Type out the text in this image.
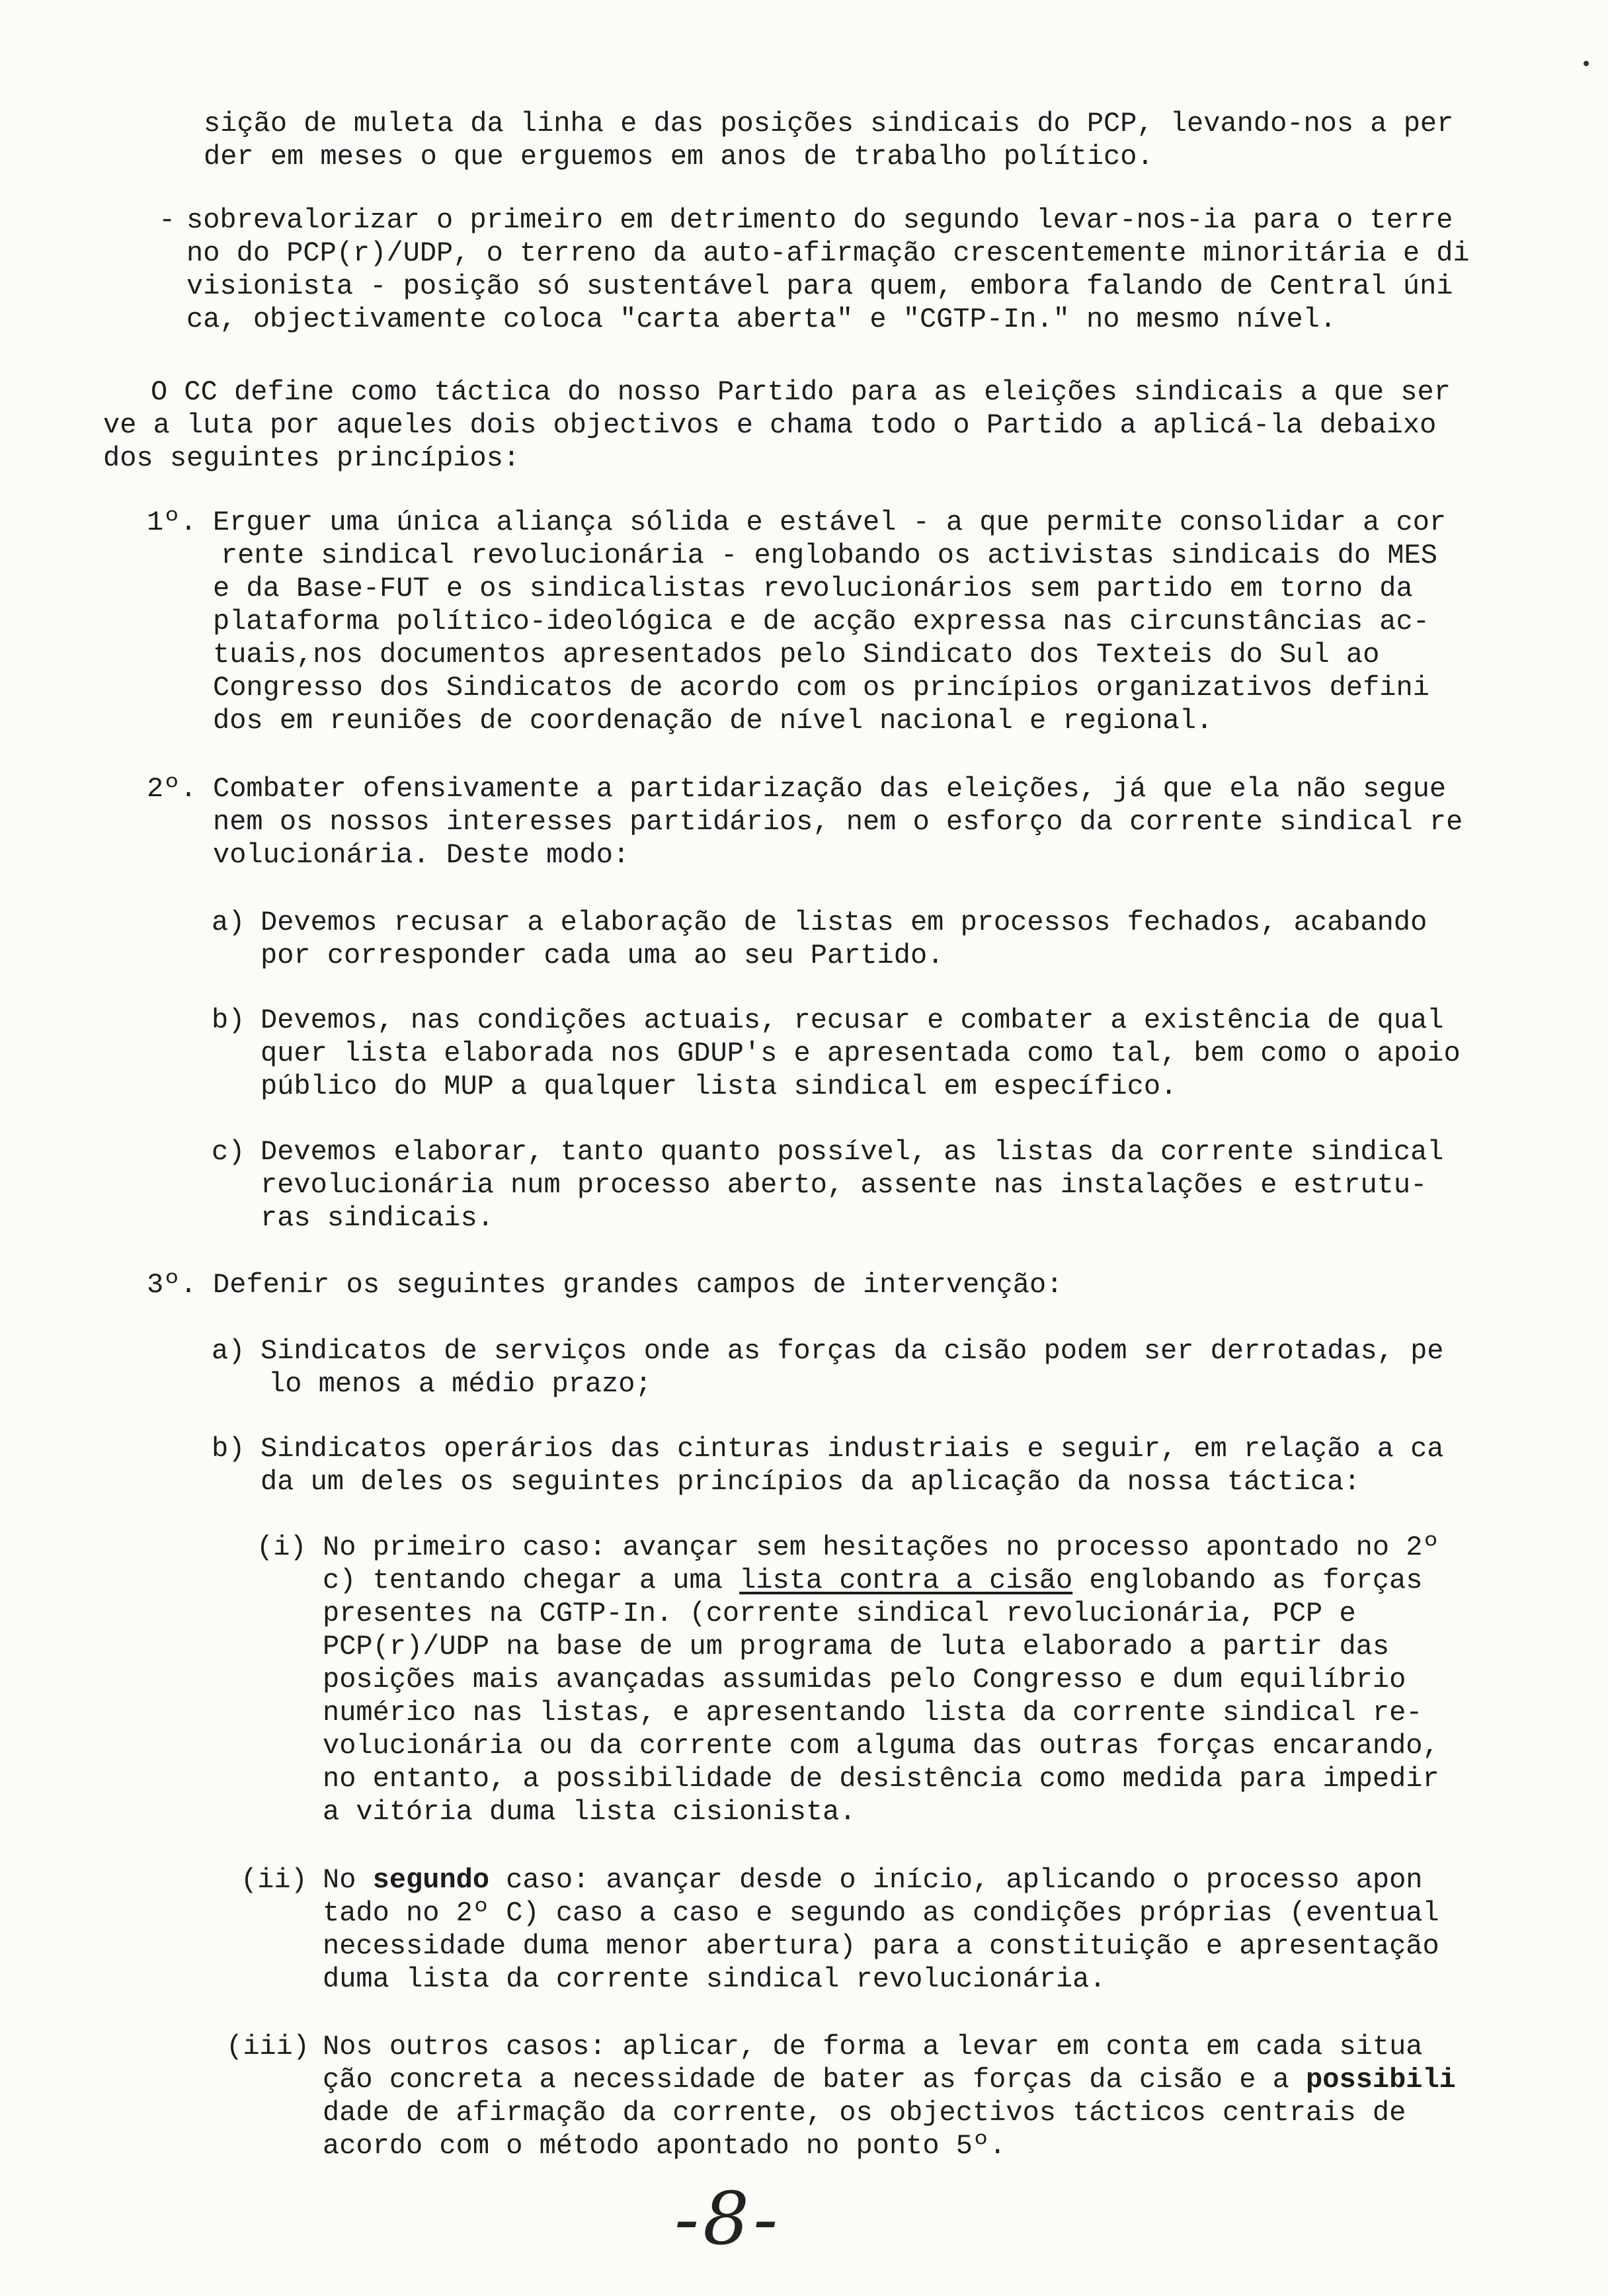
sição de muleta da linha e das posições sindicais do PCP, levando-nos a per
der em meses o que erguemos em anos de trabalho político.
- sobrevalorizar o primeiro em detrimento do segundo levar-nos-ia para o terre
no do PCP(r)/UDP, o terreno da auto-afirmação crescentemente minoritária e di
visionista - posição só sustentável para quem, embora falando de Central úni
ca, objectivamente coloca "carta aberta" e "CGTP-In." no mesmo nível.
O CC define como táctica do nosso Partido para as eleições sindicais a que ser
ve a luta por aqueles dois objectivos e chama todo o Partido a aplicá-la debaixo
dos seguintes princípios:
1º. Erguer uma única aliança sólida e estável - a que permite consolidar a cor
rente sindical revolucionária - englobando os activistas sindicais do MES
e da Base-FUT e os sindicalistas revolucionários sem partido em torno da
plataforma político-ideológica e de acção expressa nas circunstâncias ac-
tuais,nos documentos apresentados pelo Sindicato dos Texteis do Sul ao
Congresso dos Sindicatos de acordo com os princípios organizativos defini
dos em reuniões de coordenação de nível nacional e regional.
2º. Combater ofensivamente a partidarização das eleições, já que ela não segue
nem os nossos interesses partidários, nem o esforço da corrente sindical re
volucionária. Deste modo:
a) Devemos recusar a elaboração de listas em processos fechados, acabando
por corresponder cada uma ao seu Partido.
b) Devemos, nas condições actuais, recusar e combater a existência de qual
quer lista elaborada nos GDUP's e apresentada como tal, bem como o apoio
público do MUP a qualquer lista sindical em específico.
c) Devemos elaborar, tanto quanto possível, as listas da corrente sindical
revolucionária num processo aberto, assente nas instalações e estrutu-
ras sindicais.
3º. Defenir os seguintes grandes campos de intervenção:
a) Sindicatos de serviços onde as forças da cisão podem ser derrotadas, pe
lo menos a médio prazo;
b) Sindicatos operários das cinturas industriais e seguir, em relação a ca
da um deles os seguintes princípios da aplicação da nossa táctica:
(i) No primeiro caso: avançar sem hesitações no processo apontado no 2º
c) tentando chegar a uma lista contra a cisão englobando as forças
presentes na CGTP-In. (corrente sindical revolucionária, PCP e
PCP(r)/UDP na base de um programa de luta elaborado a partir das
posições mais avançadas assumidas pelo Congresso e dum equilíbrio
numérico nas listas, e apresentando lista da corrente sindical re-
volucionária ou da corrente com alguma das outras forças encarando,
no entanto, a possibilidade de desistência como medida para impedir
a vitória duma lista cisionista.
(ii) No segundo caso: avançar desde o início, aplicando o processo apon
tado no 2º C) caso a caso e segundo as condições próprias (eventual
necessidade duma menor abertura) para a constituição e apresentação
duma lista da corrente sindical revolucionária.
(iii) Nos outros casos: aplicar, de forma a levar em conta em cada situa
ção concreta a necessidade de bater as forças da cisão e a possibili
dade de afirmação da corrente, os objectivos tácticos centrais de
acordo com o método apontado no ponto 5º.
-8-
